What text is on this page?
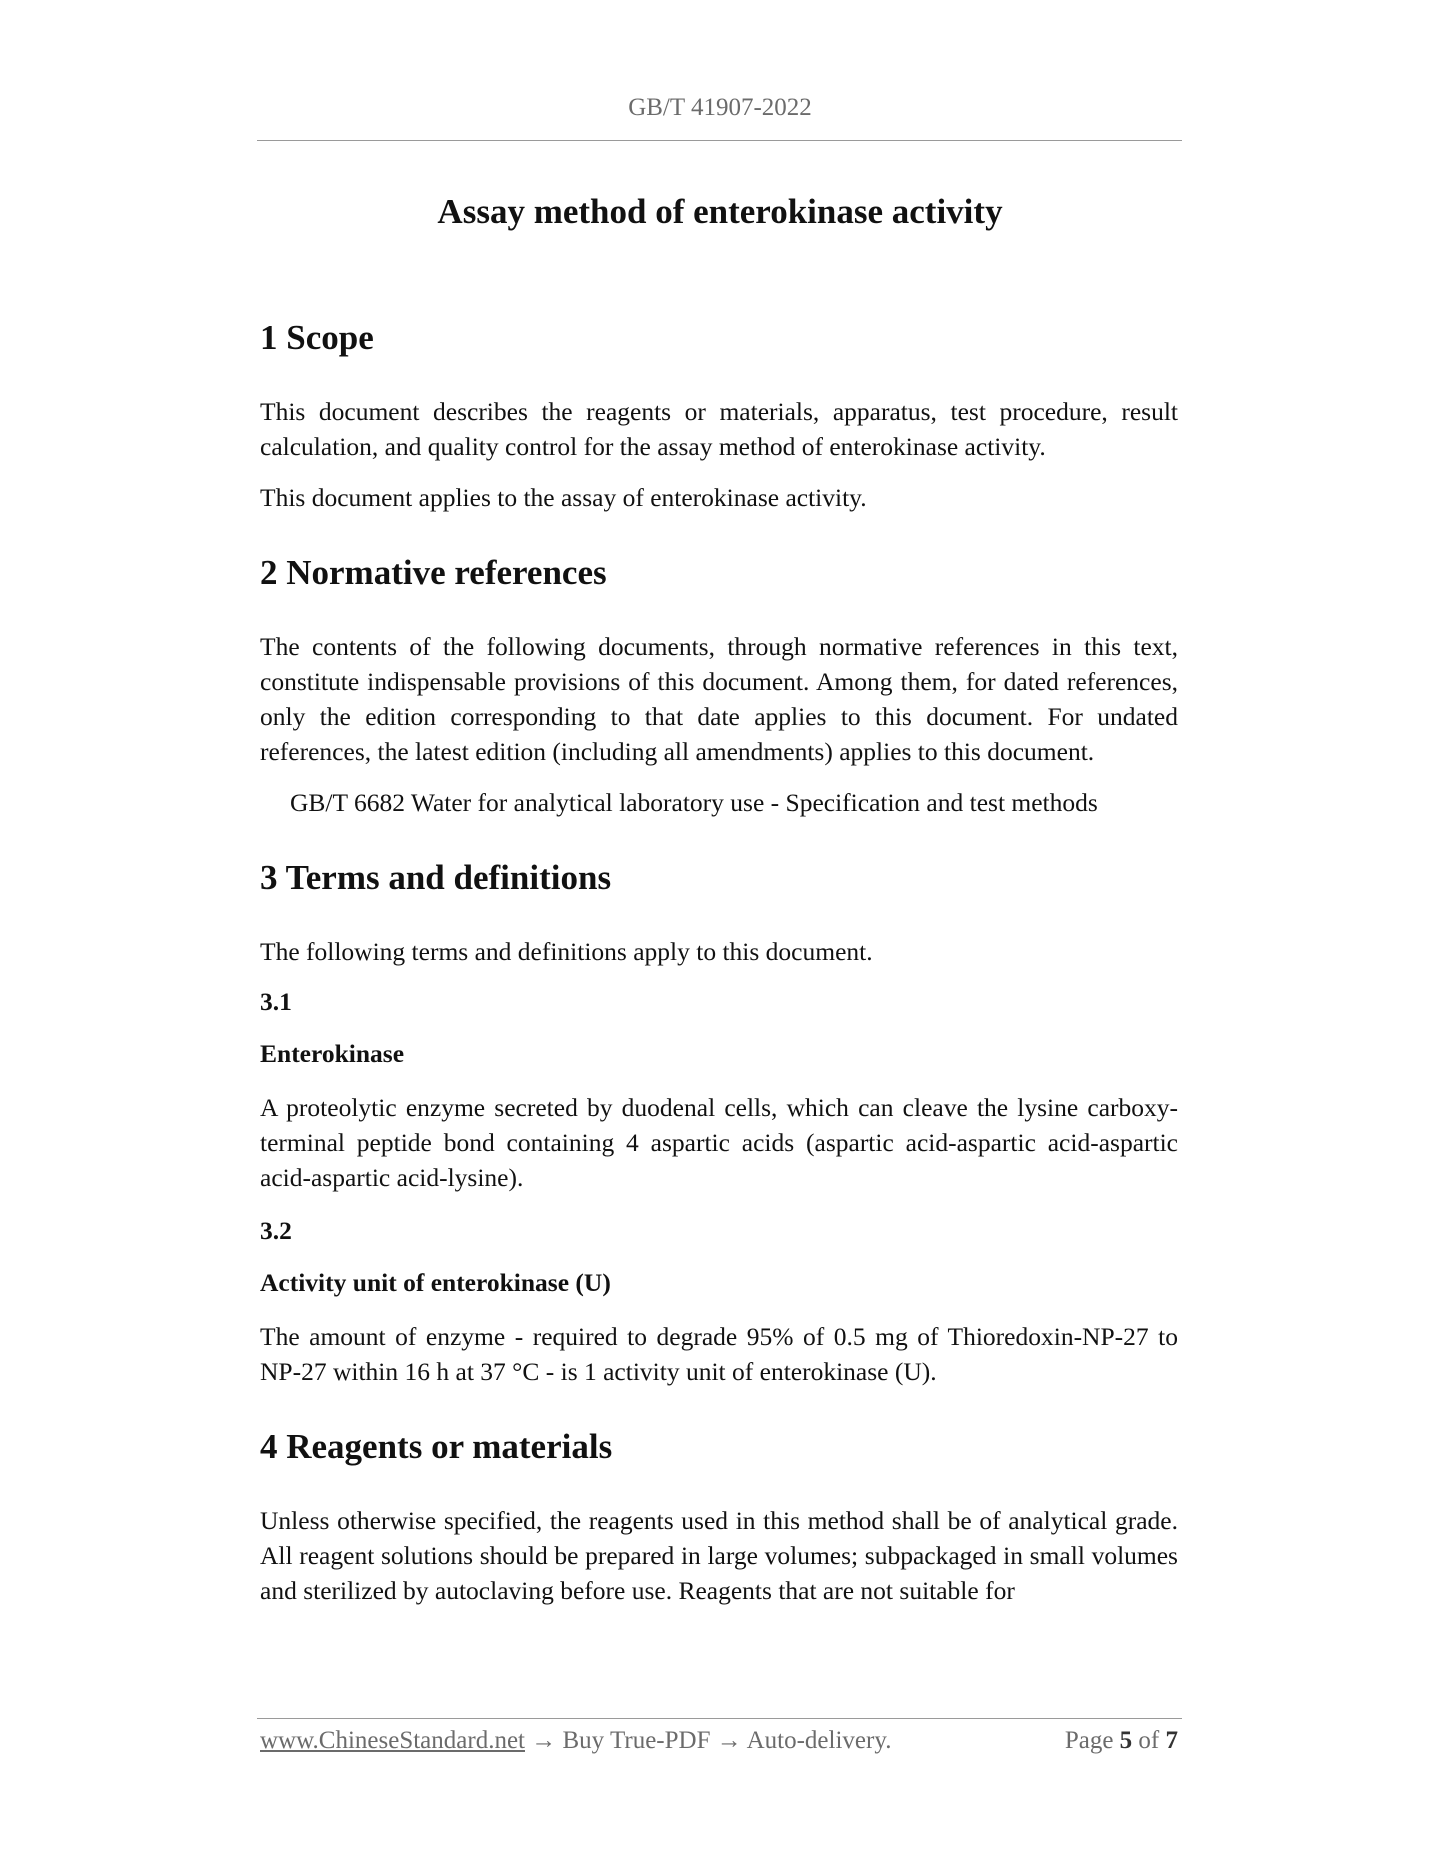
GB/T 41907-2022
Assay method of enterokinase activity
1 Scope

This document describes the reagents or materials, apparatus, test procedure, result calculation, and quality control for the assay method of enterokinase activity.

This document applies to the assay of enterokinase activity.

2 Normative references

The contents of the following documents, through normative references in this text, constitute indispensable provisions of this document. Among them, for dated references, only the edition corresponding to that date applies to this document. For undated references, the latest edition (including all amendments) applies to this document.

GB/T 6682 Water for analytical laboratory use - Specification and test methods

3 Terms and definitions

The following terms and definitions apply to this document.

3.1

Enterokinase

A proteolytic enzyme secreted by duodenal cells, which can cleave the lysine carboxy-terminal peptide bond containing 4 aspartic acids (aspartic acid-aspartic acid-aspartic acid-aspartic acid-lysine).

3.2

Activity unit of enterokinase (U)

The amount of enzyme - required to degrade 95% of 0.5 mg of Thioredoxin-NP-27 to NP-27 within 16 h at 37 °C - is 1 activity unit of enterokinase (U).

4 Reagents or materials

Unless otherwise specified, the reagents used in this method shall be of analytical grade. All reagent solutions should be prepared in large volumes; subpackaged in small volumes and sterilized by autoclaving before use. Reagents that are not suitable for

www.ChineseStandard.net → Buy True-PDF → Auto-delivery.	Page 5 of 7
